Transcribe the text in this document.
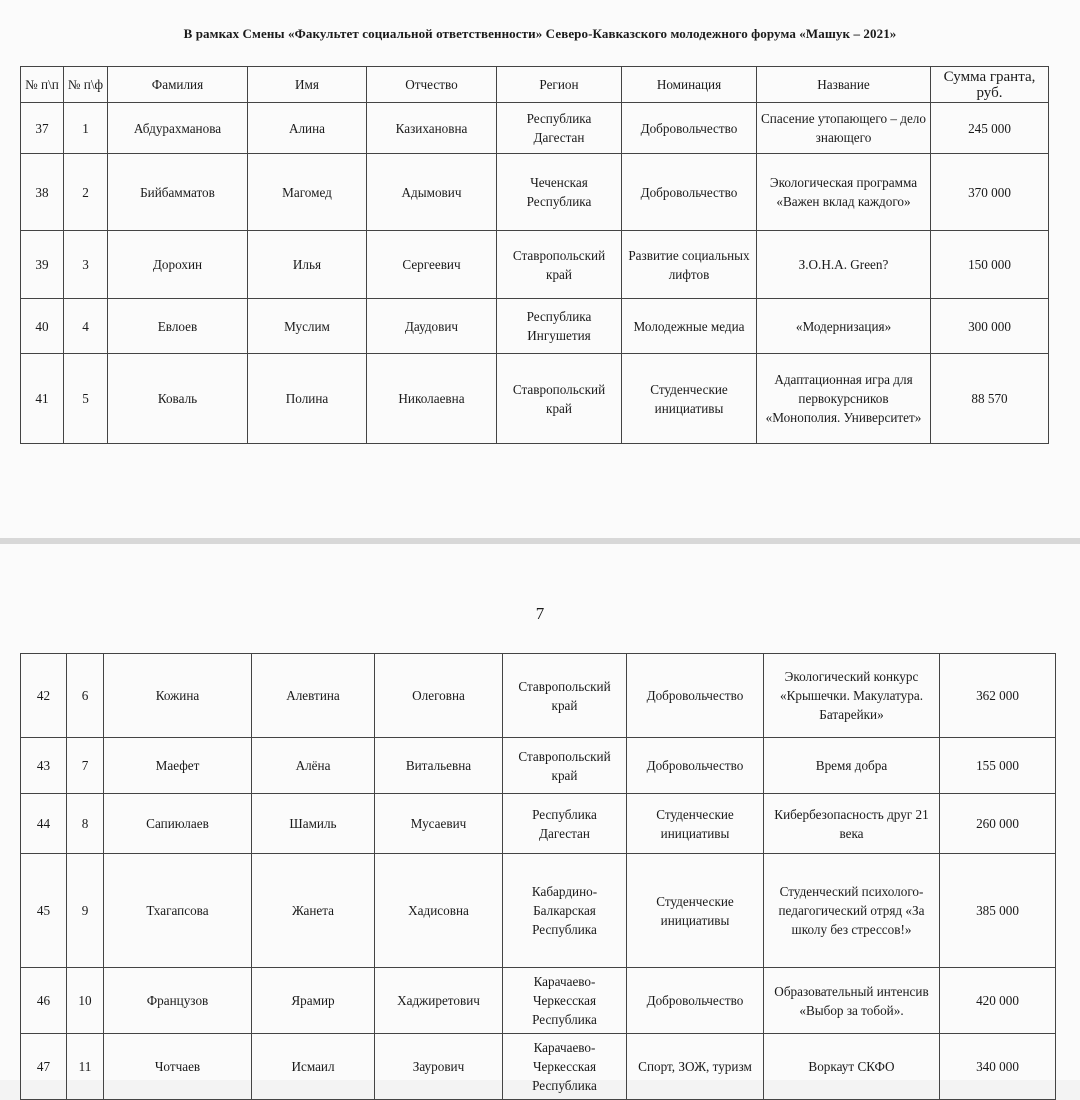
В рамках Смены «Факультет социальной ответственности» Северо-Кавказского молодежного форума «Машук – 2021»
№ п\п	№ п\ф	Фамилия	Имя	Отчество	Регион	Номинация	Название	Сумма гранта, руб.
37	1	Абдурахманова	Алина	Казихановна	Республика Дагестан	Добровольчество	Спасение утопающего – дело знающего	245 000
38	2	Бийбамматов	Магомед	Адымович	Чеченская Республика	Добровольчество	Экологическая программа «Важен вклад каждого»	370 000
39	3	Дорохин	Илья	Сергеевич	Ставропольский край	Развитие социальных лифтов	З.О.Н.А. Green?	150 000
40	4	Евлоев	Муслим	Даудович	Республика Ингушетия	Молодежные медиа	«Модернизация»	300 000
41	5	Коваль	Полина	Николаевна	Ставропольский край	Студенческие инициативы	Адаптационная игра для первокурсников «Монополия. Университет»	88 570
7
42	6	Кожина	Алевтина	Олеговна	Ставропольский край	Добровольчество	Экологический конкурс «Крышечки. Макулатура. Батарейки»	362 000
43	7	Маефет	Алёна	Витальевна	Ставропольский край	Добровольчество	Время добра	155 000
44	8	Сапиюлаев	Шамиль	Мусаевич	Республика Дагестан	Студенческие инициативы	Кибербезопасность друг 21 века	260 000
45	9	Тхагапсова	Жанета	Хадисовна	Кабардино-Балкарская Республика	Студенческие инициативы	Студенческий психолого-педагогический отряд «За школу без стрессов!»	385 000
46	10	Французов	Ярамир	Хаджиретович	Карачаево-Черкесская Республика	Добровольчество	Образовательный интенсив «Выбор за тобой».	420 000
47	11	Чотчаев	Исмаил	Заурович	Карачаево-Черкесская Республика	Спорт, ЗОЖ, туризм	Воркаут СКФО	340 000
